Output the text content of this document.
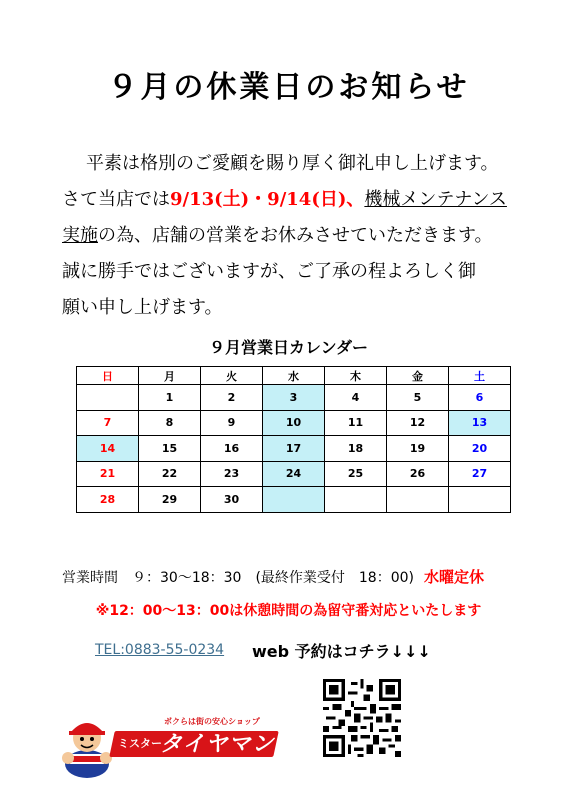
９月の休業日のお知らせ
平素は格別のご愛顧を賜り厚く御礼申し上げます。
さて当店では9/13(土)・9/14(日)、機械メンテナンス
実施の為、店舗の営業をお休みさせていただきます。
誠に勝手ではございますが、ご了承の程よろしく御
願い申し上げます。
９月営業日カレンダー
日	月	火	水	木	金	土
	1	2	3	4	5	6
7	8	9	10	11	12	13
14	15	16	17	18	19	20
21	22	23	24	25	26	27
28	29	30				
営業時間　９：30～18：30　(最終作業受付　18：00) 水曜定休
※12：00～13：00は休憩時間の為留守番対応といたします
TEL:0883-55-0234 web 予約はコチラ↓↓↓
ボクらは街の安心ショップ
ミスター
タイヤマン
